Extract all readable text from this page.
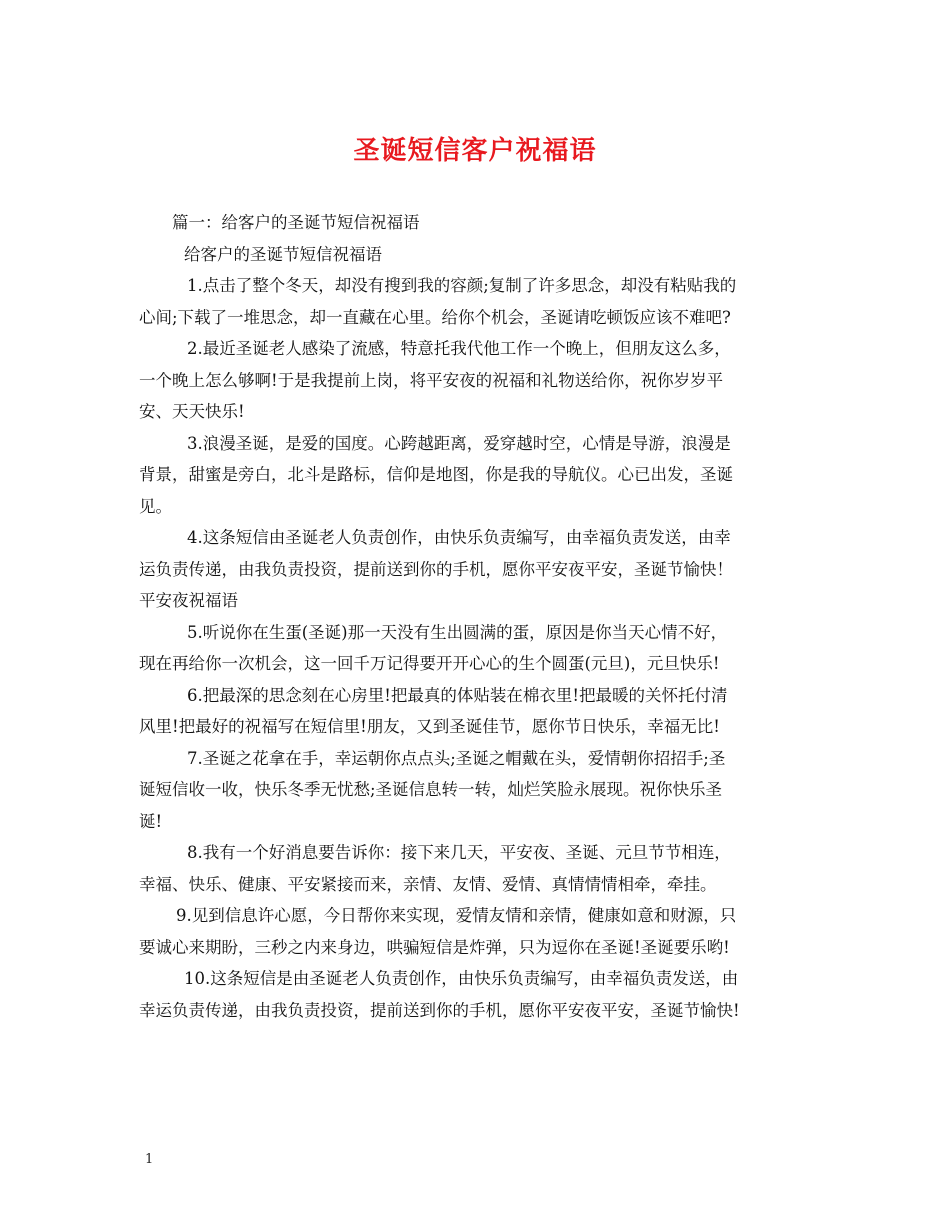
圣诞短信客户祝福语
篇一：给客户的圣诞节短信祝福语
给客户的圣诞节短信祝福语
1.点击了整个冬天，却没有搜到我的容颜;复制了许多思念，却没有粘贴我的
心间;下载了一堆思念，却一直藏在心里。给你个机会，圣诞请吃顿饭应该不难吧?
2.最近圣诞老人感染了流感，特意托我代他工作一个晚上，但朋友这么多，
一个晚上怎么够啊!于是我提前上岗，将平安夜的祝福和礼物送给你，祝你岁岁平
安、天天快乐!
3.浪漫圣诞，是爱的国度。心跨越距离，爱穿越时空，心情是导游，浪漫是
背景，甜蜜是旁白，北斗是路标，信仰是地图，你是我的导航仪。心已出发，圣诞
见。
4.这条短信由圣诞老人负责创作，由快乐负责编写，由幸福负责发送，由幸
运负责传递，由我负责投资，提前送到你的手机，愿你平安夜平安，圣诞节愉快！
平安夜祝福语
5.听说你在生蛋(圣诞)那一天没有生出圆满的蛋，原因是你当天心情不好，
现在再给你一次机会，这一回千万记得要开开心心的生个圆蛋(元旦)，元旦快乐!
6.把最深的思念刻在心房里!把最真的体贴装在棉衣里!把最暖的关怀托付清
风里!把最好的祝福写在短信里!朋友，又到圣诞佳节，愿你节日快乐，幸福无比!
7.圣诞之花拿在手，幸运朝你点点头;圣诞之帽戴在头，爱情朝你招招手;圣
诞短信收一收，快乐冬季无忧愁;圣诞信息转一转，灿烂笑脸永展现。祝你快乐圣
诞!
8.我有一个好消息要告诉你：接下来几天，平安夜、圣诞、元旦节节相连，
幸福、快乐、健康、平安紧接而来，亲情、友情、爱情、真情情情相牵，牵挂。
9.见到信息许心愿，今日帮你来实现，爱情友情和亲情，健康如意和财源，只
要诚心来期盼，三秒之内来身边，哄骗短信是炸弹，只为逗你在圣诞!圣诞要乐哟!
10.这条短信是由圣诞老人负责创作，由快乐负责编写，由幸福负责发送，由
幸运负责传递，由我负责投资，提前送到你的手机，愿你平安夜平安，圣诞节愉快!
1
